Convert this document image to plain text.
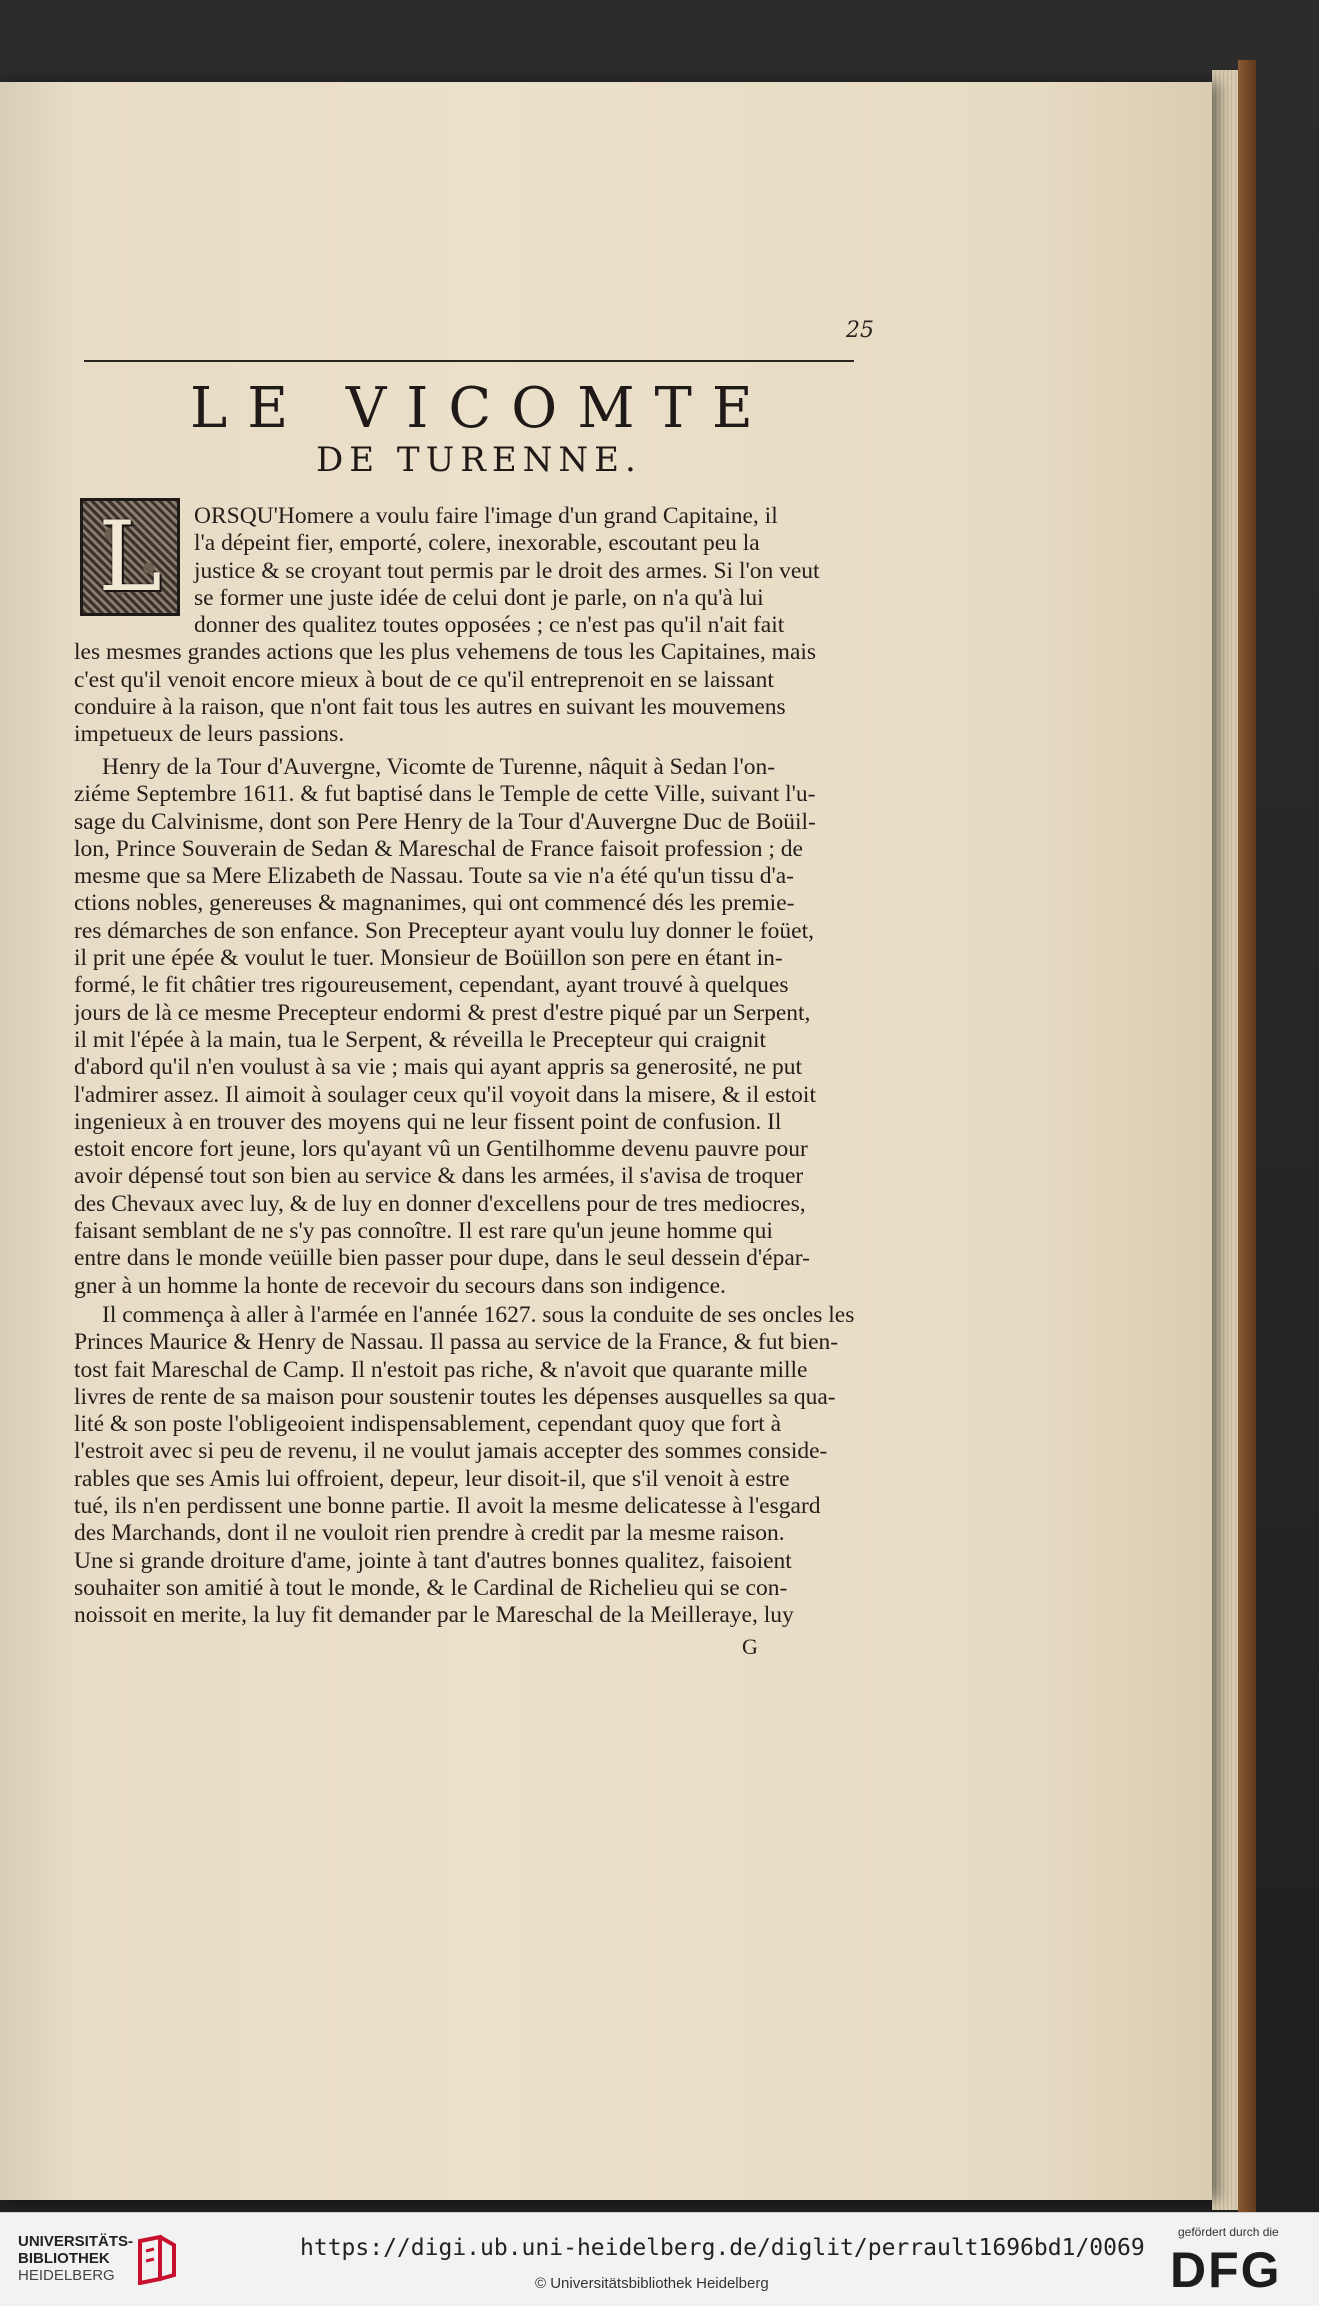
25
LE VICOMTE
DE TURENNE.
L	ORSQU'Homere a voulu faire l'image d'un grand Capitaine, il
l'a dépeint fier, emporté, colere, inexorable, escoutant peu la
justice & se croyant tout permis par le droit des armes. Si l'on veut
se former une juste idée de celui dont je parle, on n'a qu'à lui
donner des qualitez toutes opposées ; ce n'est pas qu'il n'ait fait
les mesmes grandes actions que les plus vehemens de tous les Capitaines, mais
c'est qu'il venoit encore mieux à bout de ce qu'il entreprenoit en se laissant
conduire à la raison, que n'ont fait tous les autres en suivant les mouvemens
impetueux de leurs passions.
Henry de la Tour d'Auvergne, Vicomte de Turenne, nâquit à Sedan l'on-
ziéme Septembre 1611. & fut baptisé dans le Temple de cette Ville, suivant l'u-
sage du Calvinisme, dont son Pere Henry de la Tour d'Auvergne Duc de Boüil-
lon, Prince Souverain de Sedan & Mareschal de France faisoit profession ; de
mesme que sa Mere Elizabeth de Nassau. Toute sa vie n'a été qu'un tissu d'a-
ctions nobles, genereuses & magnanimes, qui ont commencé dés les premie-
res démarches de son enfance. Son Precepteur ayant voulu luy donner le foüet,
il prit une épée & voulut le tuer. Monsieur de Boüillon son pere en étant in-
formé, le fit châtier tres rigoureusement, cependant, ayant trouvé à quelques
jours de là ce mesme Precepteur endormi & prest d'estre piqué par un Serpent,
il mit l'épée à la main, tua le Serpent, & réveilla le Precepteur qui craignit
d'abord qu'il n'en voulust à sa vie ; mais qui ayant appris sa generosité, ne put
l'admirer assez. Il aimoit à soulager ceux qu'il voyoit dans la misere, & il estoit
ingenieux à en trouver des moyens qui ne leur fissent point de confusion. Il
estoit encore fort jeune, lors qu'ayant vû un Gentilhomme devenu pauvre pour
avoir dépensé tout son bien au service & dans les armées, il s'avisa de troquer
des Chevaux avec luy, & de luy en donner d'excellens pour de tres mediocres,
faisant semblant de ne s'y pas connoître. Il est rare qu'un jeune homme qui
entre dans le monde veüille bien passer pour dupe, dans le seul dessein d'épar-
gner à un homme la honte de recevoir du secours dans son indigence.
Il commença à aller à l'armée en l'année 1627. sous la conduite de ses oncles les
Princes Maurice & Henry de Nassau. Il passa au service de la France, & fut bien-
tost fait Mareschal de Camp. Il n'estoit pas riche, & n'avoit que quarante mille
livres de rente de sa maison pour soustenir toutes les dépenses ausquelles sa qua-
lité & son poste l'obligeoient indispensablement, cependant quoy que fort à
l'estroit avec si peu de revenu, il ne voulut jamais accepter des sommes conside-
rables que ses Amis lui offroient, depeur, leur disoit-il, que s'il venoit à estre
tué, ils n'en perdissent une bonne partie. Il avoit la mesme delicatesse à l'esgard
des Marchands, dont il ne vouloit rien prendre à credit par la mesme raison.
Une si grande droiture d'ame, jointe à tant d'autres bonnes qualitez, faisoient
souhaiter son amitié à tout le monde, & le Cardinal de Richelieu qui se con-
noissoit en merite, la luy fit demander par le Mareschal de la Meilleraye, luy
G
UNIVERSITÄTS-
BIBLIOTHEK
HEIDELBERG
https://digi.ub.uni-heidelberg.de/diglit/perrault1696bd1/0069
© Universitätsbibliothek Heidelberg
gefördert durch die
DFG
